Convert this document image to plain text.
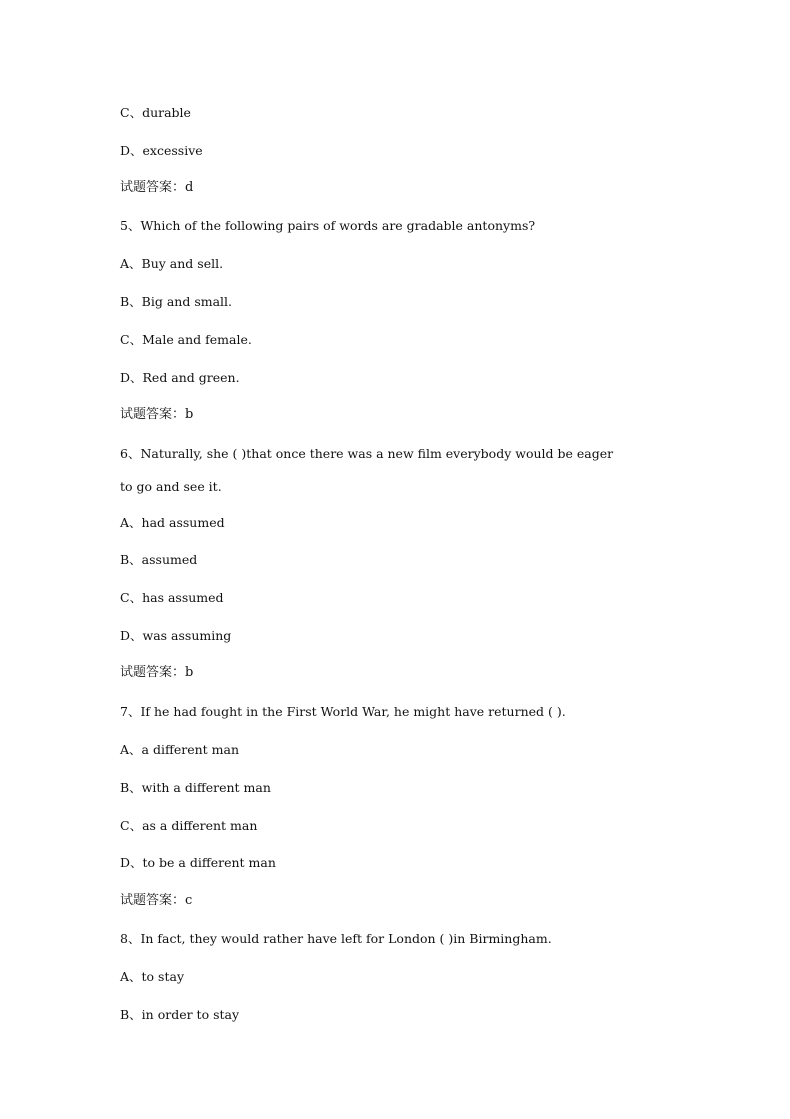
C、durable
D、excessive
试题答案：d
5、Which of the following pairs of words are gradable antonyms?
A、Buy and sell.
B、Big and small.
C、Male and female.
D、Red and green.
试题答案：b
6、Naturally, she ( )that once there was a new film everybody would be eager
to go and see it.
A、had assumed
B、assumed
C、has assumed
D、was assuming
试题答案：b
7、If he had fought in the First World War, he might have returned ( ).
A、a different man
B、with a different man
C、as a different man
D、to be a different man
试题答案：c
8、In fact, they would rather have left for London ( )in Birmingham.
A、to stay
B、in order to stay
